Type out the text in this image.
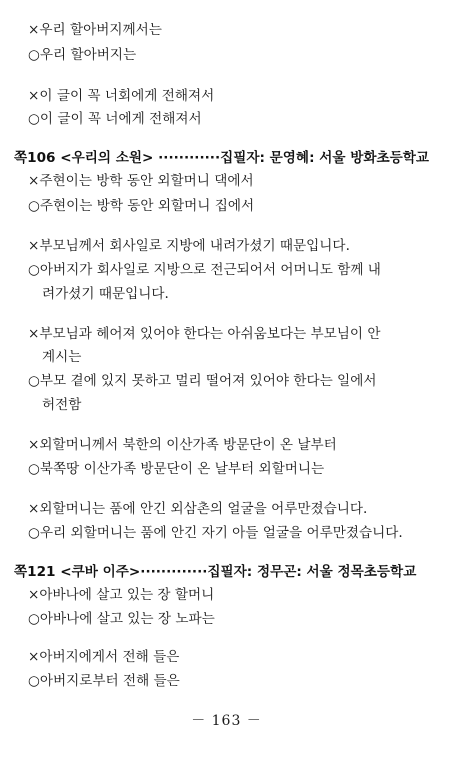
×우리 할아버지께서는
○우리 할아버지는
×이 글이 꼭 너회에게 전해져서
○이 글이 꼭 너에게 전해져서
쪽106 <우리의 소원> ············집필자: 문영혜: 서울 방화초등학교
×주현이는 방학 동안 외할머니 댁에서
○주현이는 방학 동안 외할머니 집에서
×부모님께서 회사일로 지방에 내려가셨기 때문입니다.
○아버지가 회사일로 지방으로 전근되어서 어머니도 함께 내
려가셨기 때문입니다.
×부모님과 헤어져 있어야 한다는 아쉬움보다는 부모님이 안
계시는
○부모 곁에 있지 못하고 멀리 떨어져 있어야 한다는 일에서
허전함
×외할머니께서 북한의 이산가족 방문단이 온 날부터
○북쪽땅 이산가족 방문단이 온 날부터 외할머니는
×외할머니는 품에 안긴 외삼촌의 얼굴을 어루만졌습니다.
○우리 외할머니는 품에 안긴 자기 아들 얼굴을 어루만졌습니다.
쪽121 <쿠바 이주>·············집필자: 정무곤: 서울 정목초등학교
×아바나에 살고 있는 장 할머니
○아바나에 살고 있는 장 노파는
×아버지에게서 전해 들은
○아버지로부터 전해 들은
－ 163 －
